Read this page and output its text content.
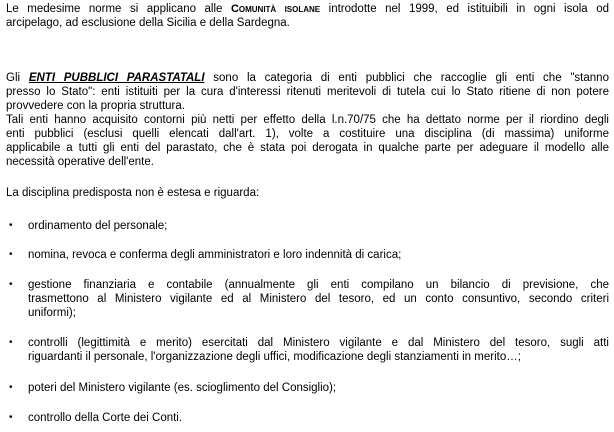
Le medesime norme si applicano alle Comunità isolane introdotte nel 1999, ed istituibili in ogni isola od
arcipelago, ad esclusione della Sicilia e della Sardegna.
Gli ENTI PUBBLICI PARASTATALI sono la categoria di enti pubblici che raccoglie gli enti che "stanno
presso lo Stato": enti istituiti per la cura d'interessi ritenuti meritevoli di tutela cui lo Stato ritiene di non potere
provvedere con la propria struttura.
Tali enti hanno acquisito contorni più netti per effetto della l.n.70/75 che ha dettato norme per il riordino degli
enti pubblici (esclusi quelli elencati dall'art. 1), volte a costituire una disciplina (di massima) uniforme
applicabile a tutti gli enti del parastato, che è stata poi derogata in qualche parte per adeguare il modello alle
necessità operative dell'ente.
La disciplina predisposta non è estesa e riguarda:
•	ordinamento del personale;
•	nomina, revoca e conferma degli amministratori e loro indennità di carica;
•	gestione finanziaria e contabile (annualmente gli enti compilano un bilancio di previsione, che
trasmettono al Ministero vigilante ed al Ministero del tesoro, ed un conto consuntivo, secondo criteri
uniformi);
•	controlli (legittimità e merito) esercitati dal Ministero vigilante e dal Ministero del tesoro, sugli atti
riguardanti il personale, l'organizzazione degli uffici, modificazione degli stanziamenti in merito…;
•	poteri del Ministero vigilante (es. scioglimento del Consiglio);
•	controllo della Corte dei Conti.
